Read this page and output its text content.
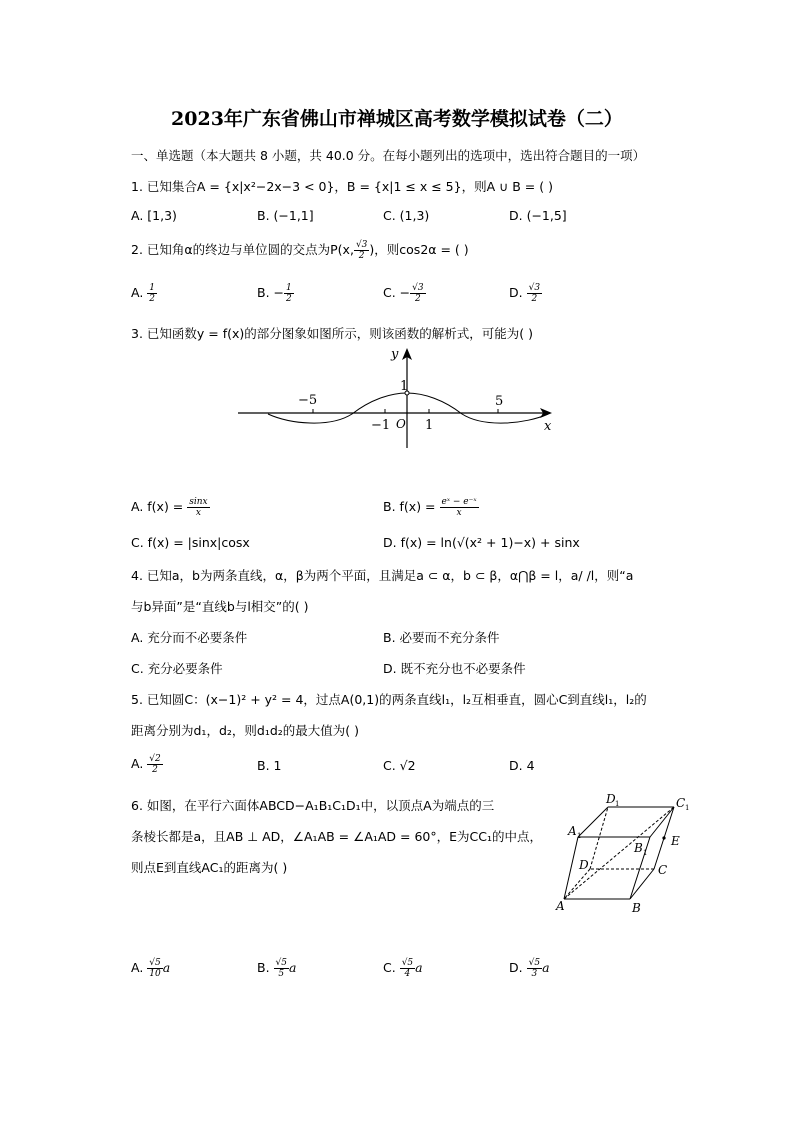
2023年广东省佛山市禅城区高考数学模拟试卷（二）
一、单选题（本大题共 8 小题，共 40.0 分。在每小题列出的选项中，选出符合题目的一项）
1. 已知集合A = {x|x²−2x−3 < 0}，B = {x|1 ≤ x ≤ 5}，则A ∪ B = ( )
A. [1,3)	B. (−1,1]	C. (1,3)	D. (−1,5]
2. 已知角α的终边与单位圆的交点为P(x, $\frac{√3}{2}$ )，则cos2α = ( )
A. $\frac{1}{2}$	B. − $\frac{1}{2}$	C. − $\frac{√3}{2}$	D. $\frac{√3}{2}$
3. 已知函数y = f(x)的部分图象如图所示，则该函数的解析式，可能为( )
y
x
O
−5
−1	1
5
1
A. $f(x) = \frac{\sin x}{x}$	B. $f(x) = \frac{\text{eˣ − e⁻ˣ}}{x}$
C. f(x) = |sinx|cosx	D. f(x) = ln(√(x² + 1)−x) + sinx
4. 已知a，b为两条直线，α，β为两个平面，且满足a ⊂ α，b ⊂ β，α⋂β = l，a/ /l，则“a
与b异面”是“直线b与l相交”的( )
A. 充分而不必要条件	B. 必要而不充分条件
C. 充分必要条件	D. 既不充分也不必要条件
5. 已知圆C：(x−1)² + y² = 4，过点A(0,1)的两条直线l₁，l₂互相垂直，圆心C到直线l₁，l₂的
距离分别为d₁，d₂，则d₁d₂的最大值为( )
A. $\frac{√2}{2}$	B. 1	C. √2	D. 4
6. 如图，在平行六面体ABCD−A₁B₁C₁D₁中，以顶点A为端点的三
条棱长都是a，且AB ⊥ AD，∠A₁AB = ∠A₁AD = 60°，E为CC₁的中点，
则点E到直线AC₁的距离为( )
D 1	C 1
A 1
B 1
E
D	C
A	B
A. $\frac{√5}{10}$ a	B. $\frac{√5}{5}$ a	C. $\frac{√5}{4}$ a	D. $\frac{√5}{3}$ a
